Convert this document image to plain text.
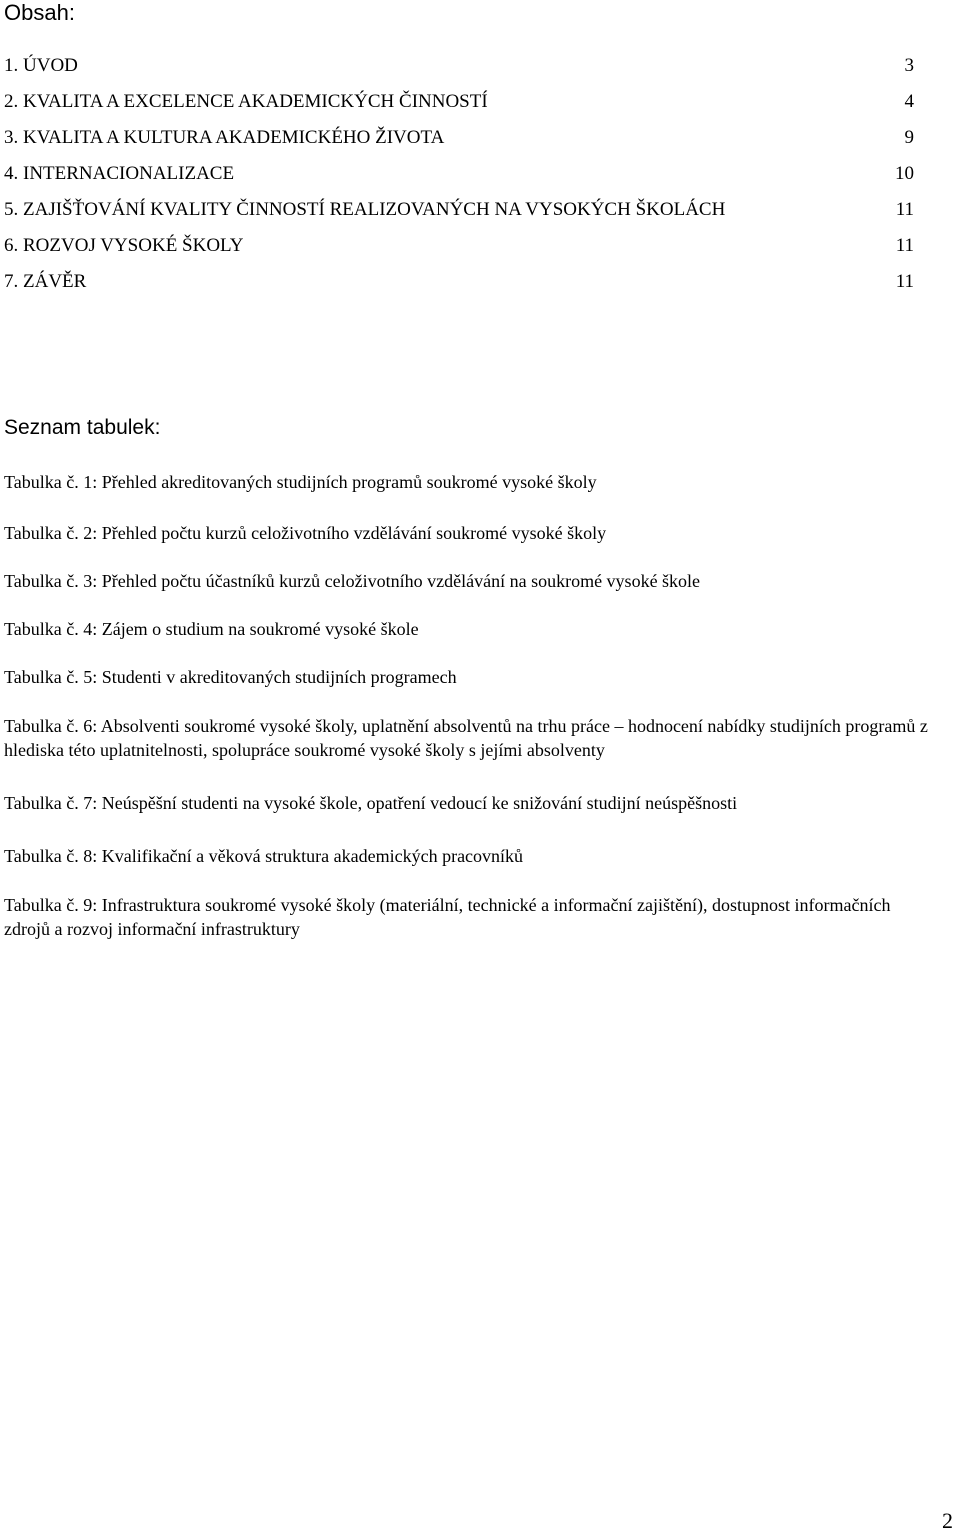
Obsah:
1. ÚVOD	3
2. KVALITA A EXCELENCE AKADEMICKÝCH ČINNOSTÍ	4
3. KVALITA A KULTURA AKADEMICKÉHO ŽIVOTA	9
4. INTERNACIONALIZACE	10
5. ZAJIŠŤOVÁNÍ KVALITY ČINNOSTÍ REALIZOVANÝCH NA VYSOKÝCH ŠKOLÁCH	11
6. ROZVOJ VYSOKÉ ŠKOLY	11
7. ZÁVĚR	11
Seznam tabulek:
Tabulka č. 1: Přehled akreditovaných studijních programů soukromé vysoké školy
Tabulka č. 2: Přehled počtu kurzů celoživotního vzdělávání soukromé vysoké školy
Tabulka č. 3: Přehled počtu účastníků kurzů celoživotního vzdělávání na soukromé vysoké škole
Tabulka č. 4: Zájem o studium na soukromé vysoké škole
Tabulka č. 5: Studenti v akreditovaných studijních programech
Tabulka č. 6: Absolventi soukromé vysoké školy, uplatnění absolventů na trhu práce – hodnocení nabídky studijních programů z hlediska této uplatnitelnosti, spolupráce soukromé vysoké školy s jejími absolventy
Tabulka č. 7: Neúspěšní studenti na vysoké škole, opatření vedoucí ke snižování studijní neúspěšnosti
Tabulka č. 8: Kvalifikační a věková struktura akademických pracovníků
Tabulka č. 9: Infrastruktura soukromé vysoké školy (materiální, technické a informační zajištění), dostupnost informačních zdrojů a rozvoj informační infrastruktury
2
